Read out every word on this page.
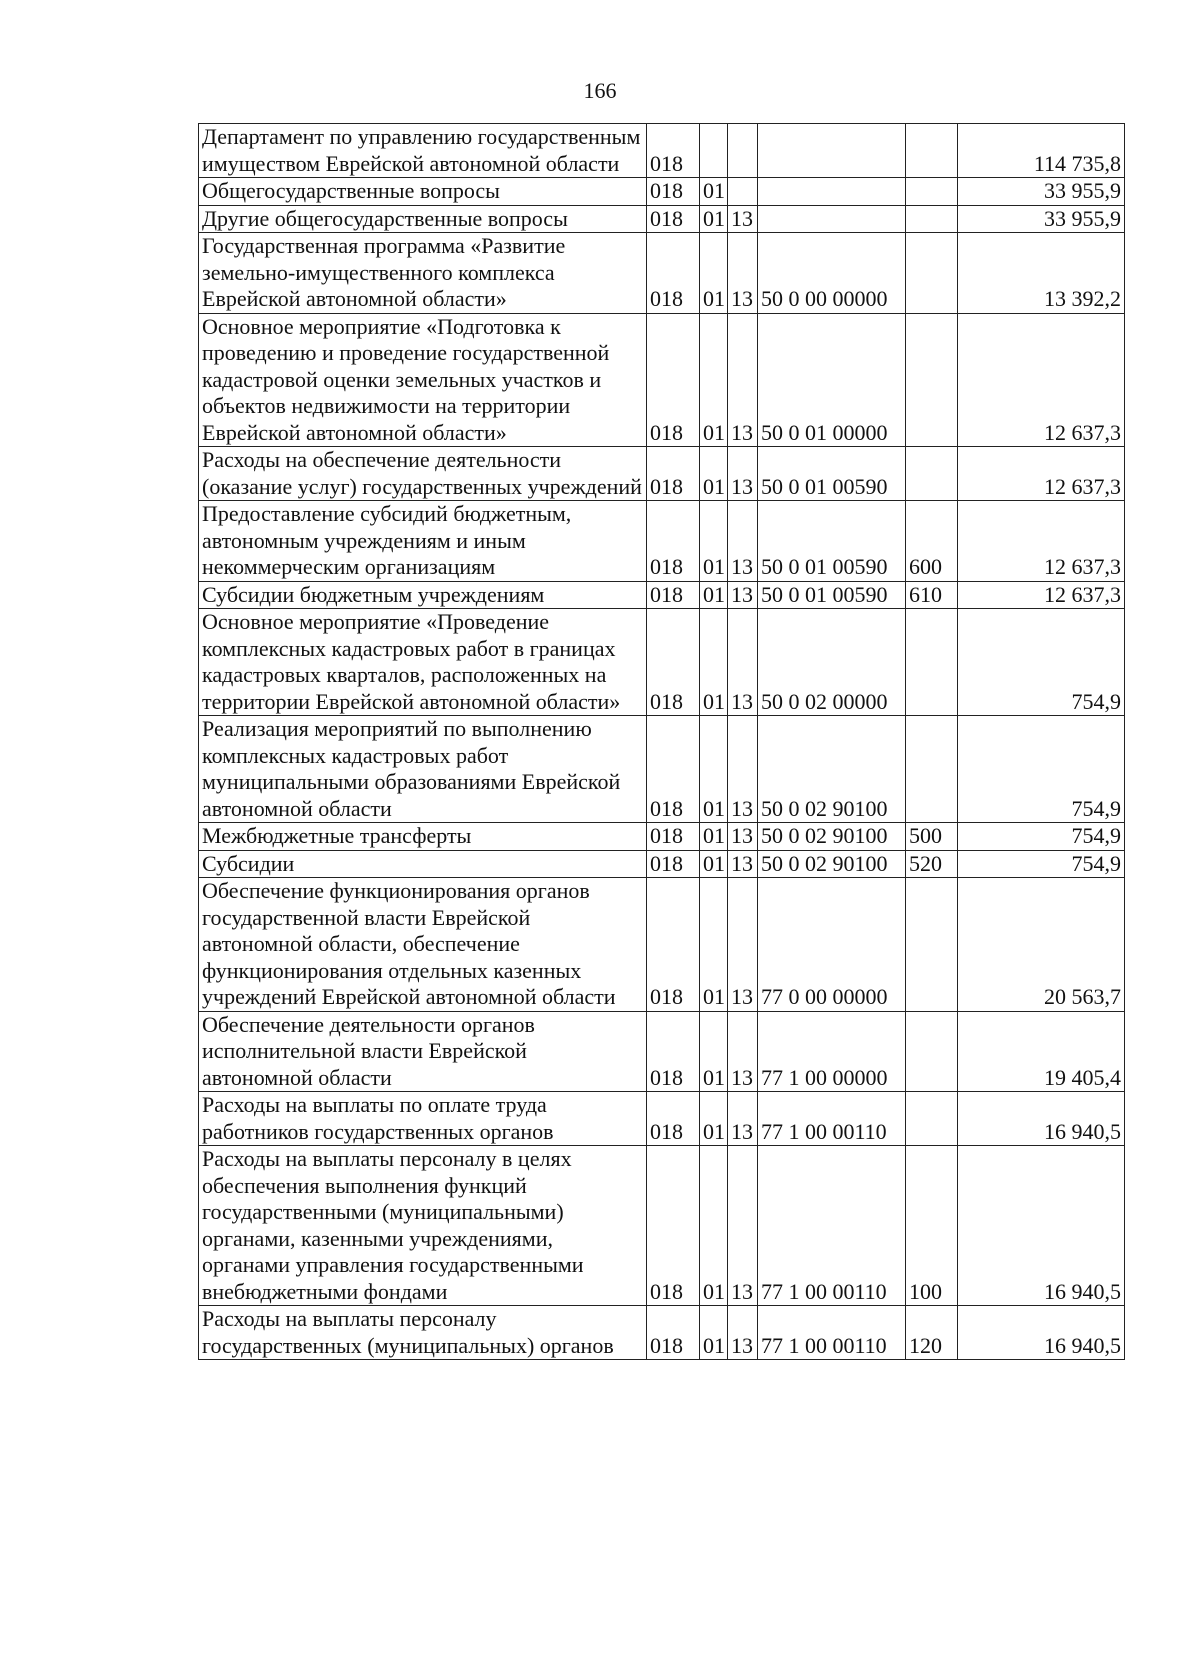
166
Департамент по управлению государственным имуществом Еврейской автономной области	018					114 735,8
Общегосударственные вопросы	018	01				33 955,9
Другие общегосударственные вопросы	018	01	13			33 955,9
Государственная программа «Развитие земельно-имущественного комплекса Еврейской автономной области»	018	01	13	50 0 00 00000		13 392,2
Основное мероприятие «Подготовка к проведению и проведение государственной кадастровой оценки земельных участков и объектов недвижимости на территории Еврейской автономной области»	018	01	13	50 0 01 00000		12 637,3
Расходы на обеспечение деятельности (оказание услуг) государственных учреждений	018	01	13	50 0 01 00590		12 637,3
Предоставление субсидий бюджетным, автономным учреждениям и иным некоммерческим организациям	018	01	13	50 0 01 00590	600	12 637,3
Субсидии бюджетным учреждениям	018	01	13	50 0 01 00590	610	12 637,3
Основное мероприятие «Проведение комплексных кадастровых работ в границах кадастровых кварталов, расположенных на территории Еврейской автономной области»	018	01	13	50 0 02 00000		754,9
Реализация мероприятий по выполнению комплексных кадастровых работ муниципальными образованиями Еврейской автономной области	018	01	13	50 0 02 90100		754,9
Межбюджетные трансферты	018	01	13	50 0 02 90100	500	754,9
Субсидии	018	01	13	50 0 02 90100	520	754,9
Обеспечение функционирования органов государственной власти Еврейской автономной области, обеспечение функционирования отдельных казенных учреждений Еврейской автономной области	018	01	13	77 0 00 00000		20 563,7
Обеспечение деятельности органов исполнительной власти Еврейской автономной области	018	01	13	77 1 00 00000		19 405,4
Расходы на выплаты по оплате труда работников государственных органов	018	01	13	77 1 00 00110		16 940,5
Расходы на выплаты персоналу в целях обеспечения выполнения функций государственными (муниципальными) органами, казенными учреждениями, органами управления государственными внебюджетными фондами	018	01	13	77 1 00 00110	100	16 940,5
Расходы на выплаты персоналу государственных (муниципальных) органов	018	01	13	77 1 00 00110	120	16 940,5
